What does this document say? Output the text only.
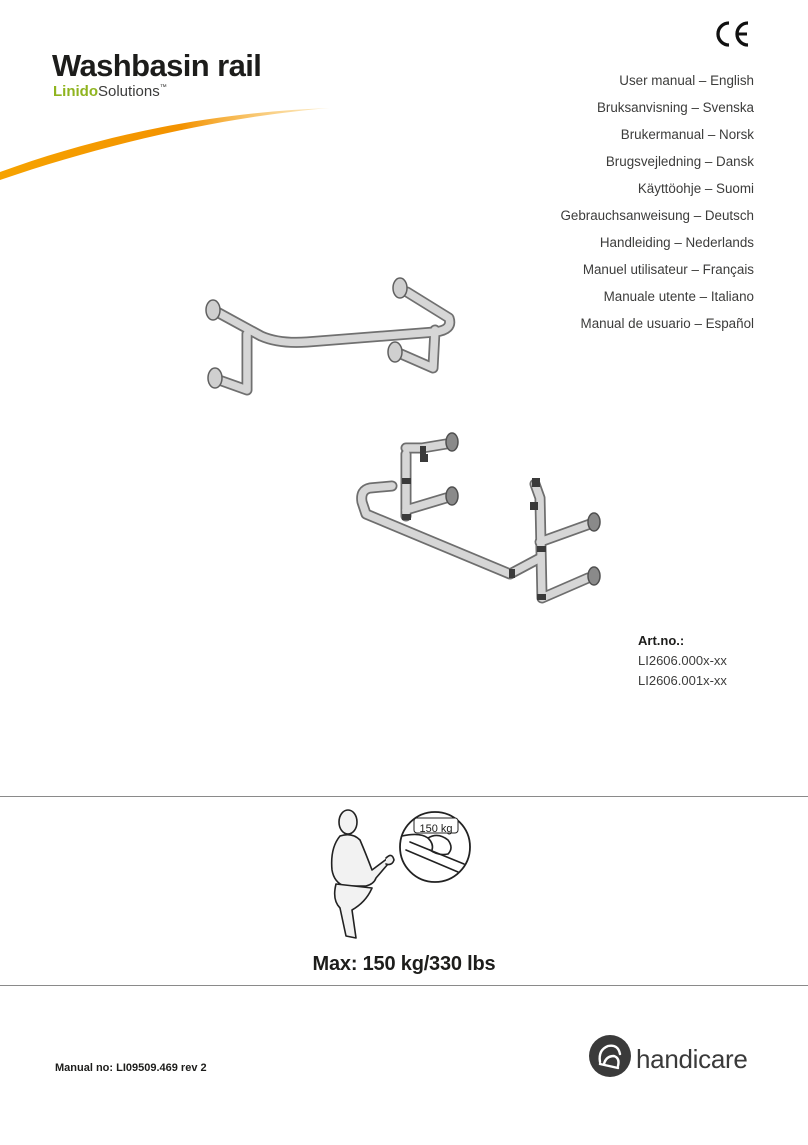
Washbasin rail
LinidoSolutions™	User manual – English
Bruksanvisning – Svenska
Brukermanual – Norsk
Brugsvejledning – Dansk
Käyttöohje – Suomi
Gebrauchsanweisung – Deutsch
Handleiding – Nederlands
Manuel utilisateur – Français
Manuale utente – Italiano
Manual de usuario – Español
Art.no.:
LI2606.000x-xx
LI2606.001x-xx
150 kg
Max: 150 kg/330 lbs
handicare
Manual no: LI09509.469 rev 2
